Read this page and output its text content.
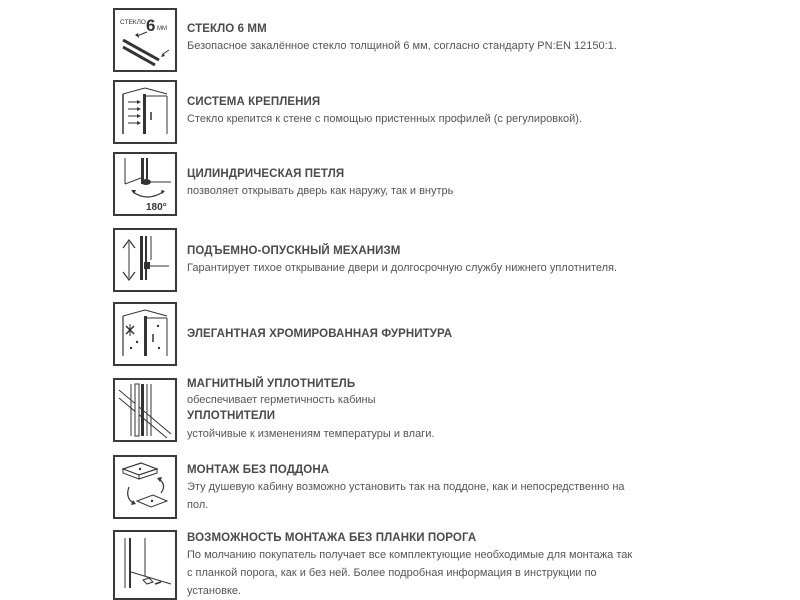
СТЕКЛО 6 ММ СТЕКЛО 6 ММ
Безопасное закалённое стекло толщиной 6 мм, согласно стандарту PN:EN 12150:1.
СИСТЕМА КРЕПЛЕНИЯ
Стекло крепится к стене с помощью пристенных профилей (с регулировкой).
180°
ЦИЛИНДРИЧЕСКАЯ ПЕТЛЯ
позволяет открывать дверь как наружу, так и внутрь
ПОДЪЕМНО-ОПУСКНЫЙ МЕХАНИЗМ
Гарантирует тихое открывание двери и долгосрочную службу нижнего уплотнителя.
ЭЛЕГАНТНАЯ ХРОМИРОВАННАЯ ФУРНИТУРА
МАГНИТНЫЙ УПЛОТНИТЕЛЬ
обеспечивает герметичность кабины
УПЛОТНИТЕЛИ
устойчивые к изменениям температуры и влаги.
МОНТАЖ БЕЗ ПОДДОНА
Эту душевую кабину возможно установить так на поддоне, как и непосредственно на пол.
ВОЗМОЖНОСТЬ МОНТАЖА БЕЗ ПЛАНКИ ПОРОГА
По молчанию покупатель получает все комплектующие необходимые для монтажа так с планкой порога, как и без ней. Более подробная информация в инструкции по установке.
